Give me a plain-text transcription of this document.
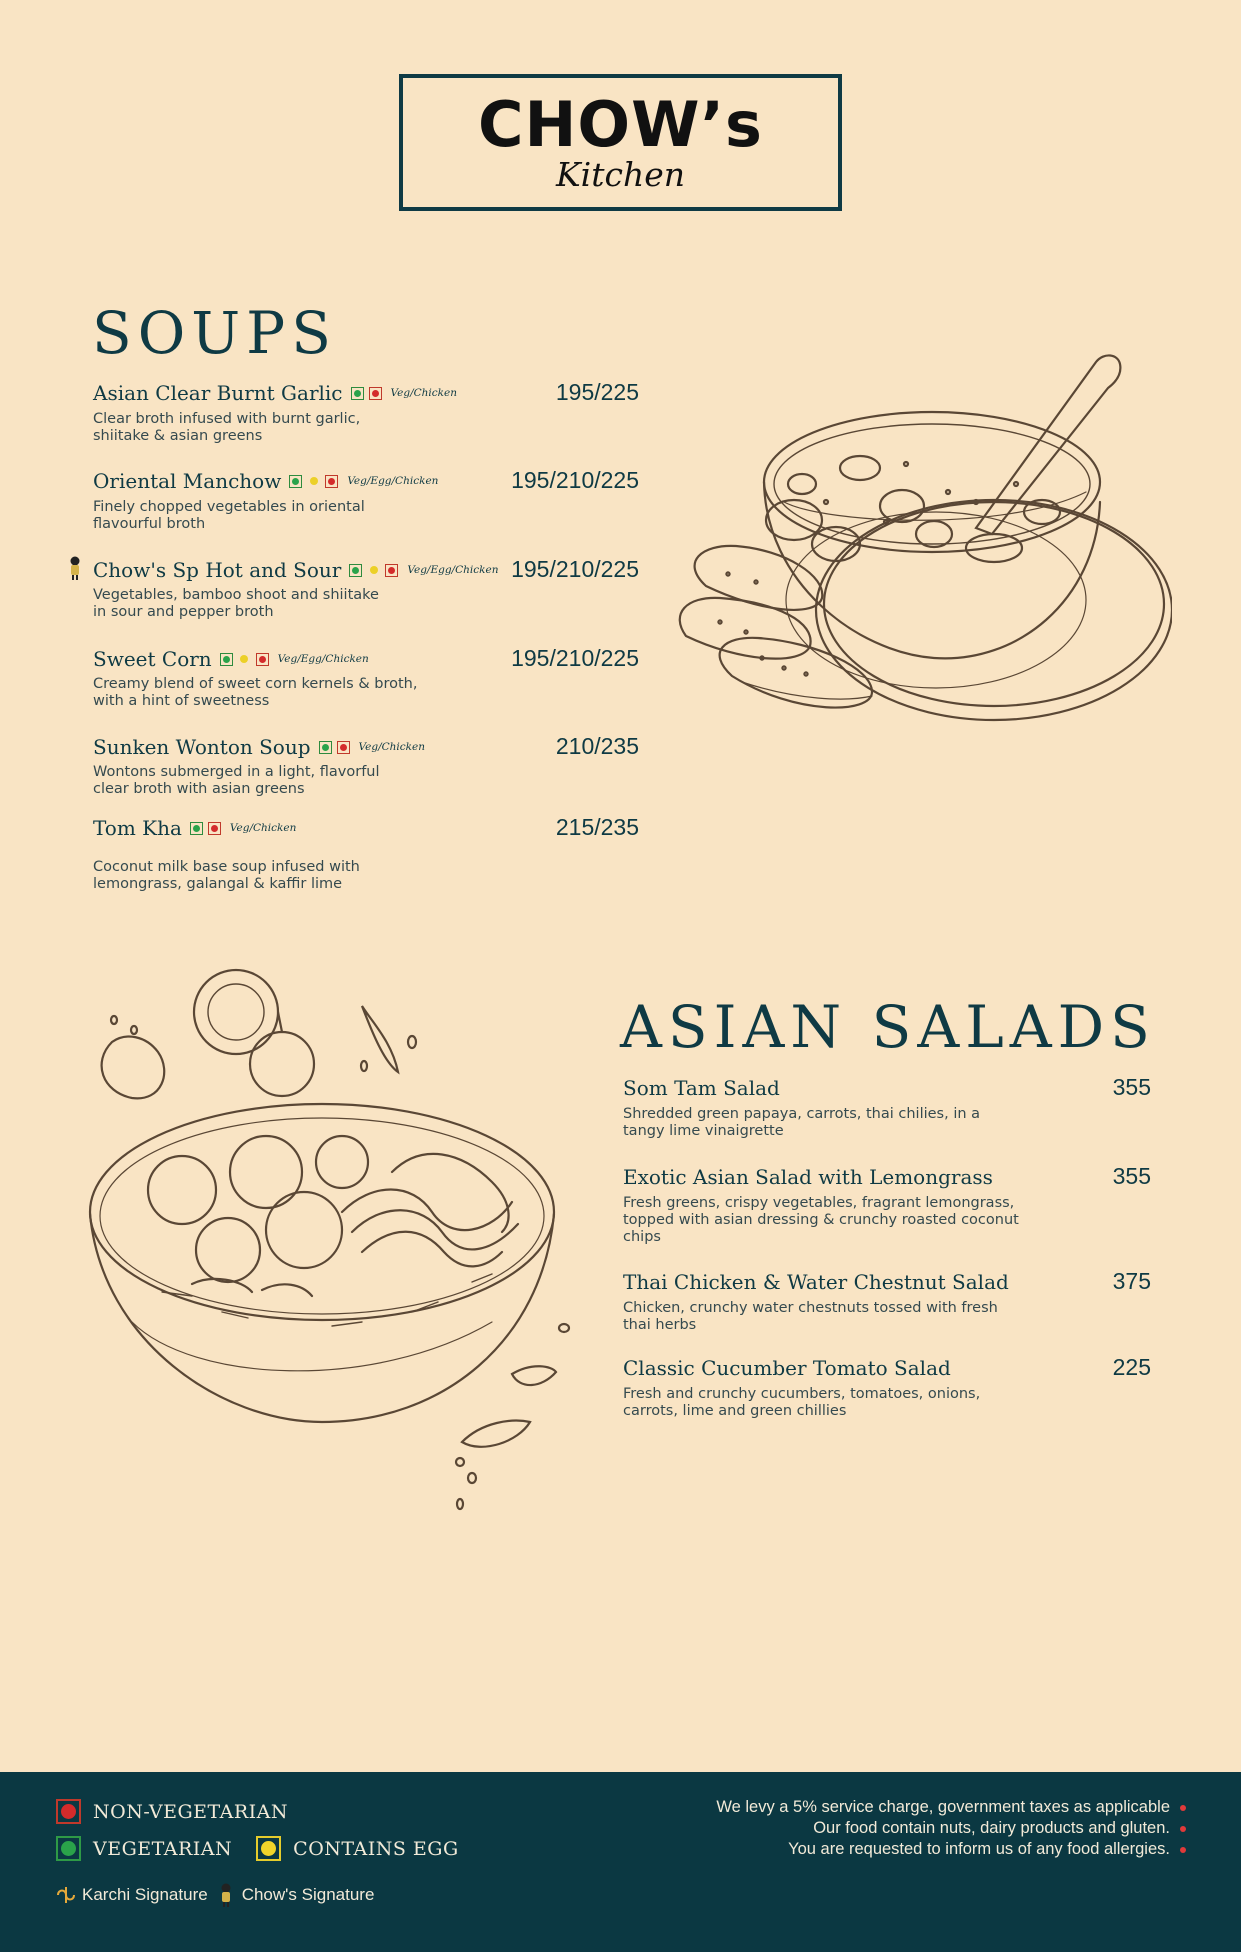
CHOW’s
Kitchen
SOUPS
Asian Clear Burnt Garlic	Veg/Chicken	195/225
Clear broth infused with burnt garlic,
shiitake & asian greens
Oriental Manchow	Veg/Egg/Chicken	195/210/225
Finely chopped vegetables in oriental
flavourful broth
Chow's Sp Hot and Sour	Veg/Egg/Chicken 195/210/225
Vegetables, bamboo shoot and shiitake
in sour and pepper broth
Sweet Corn	Veg/Egg/Chicken	195/210/225
Creamy blend of sweet corn kernels & broth,
with a hint of sweetness
Sunken Wonton Soup	Veg/Chicken	210/235
Wontons submerged in a light, flavorful
clear broth with asian greens
Tom Kha	Veg/Chicken	215/235
Coconut milk base soup infused with
lemongrass, galangal & kaffir lime
ASIAN SALADS
Som Tam Salad	355
Shredded green papaya, carrots, thai chilies, in a
tangy lime vinaigrette
Exotic Asian Salad with Lemongrass	355
Fresh greens, crispy vegetables, fragrant lemongrass,
topped with asian dressing & crunchy roasted coconut
chips
Thai Chicken & Water Chestnut Salad	375
Chicken, crunchy water chestnuts tossed with fresh
thai herbs
Classic Cucumber Tomato Salad	225
Fresh and crunchy cucumbers, tomatoes, onions,
carrots, lime and green chillies
NON-VEGETARIAN
VEGETARIAN	CONTAINS EGG
Karchi Signature Chow's Signature
We levy a 5% service charge, government taxes as applicable
Our food contain nuts, dairy products and gluten.
You are requested to inform us of any food allergies.
